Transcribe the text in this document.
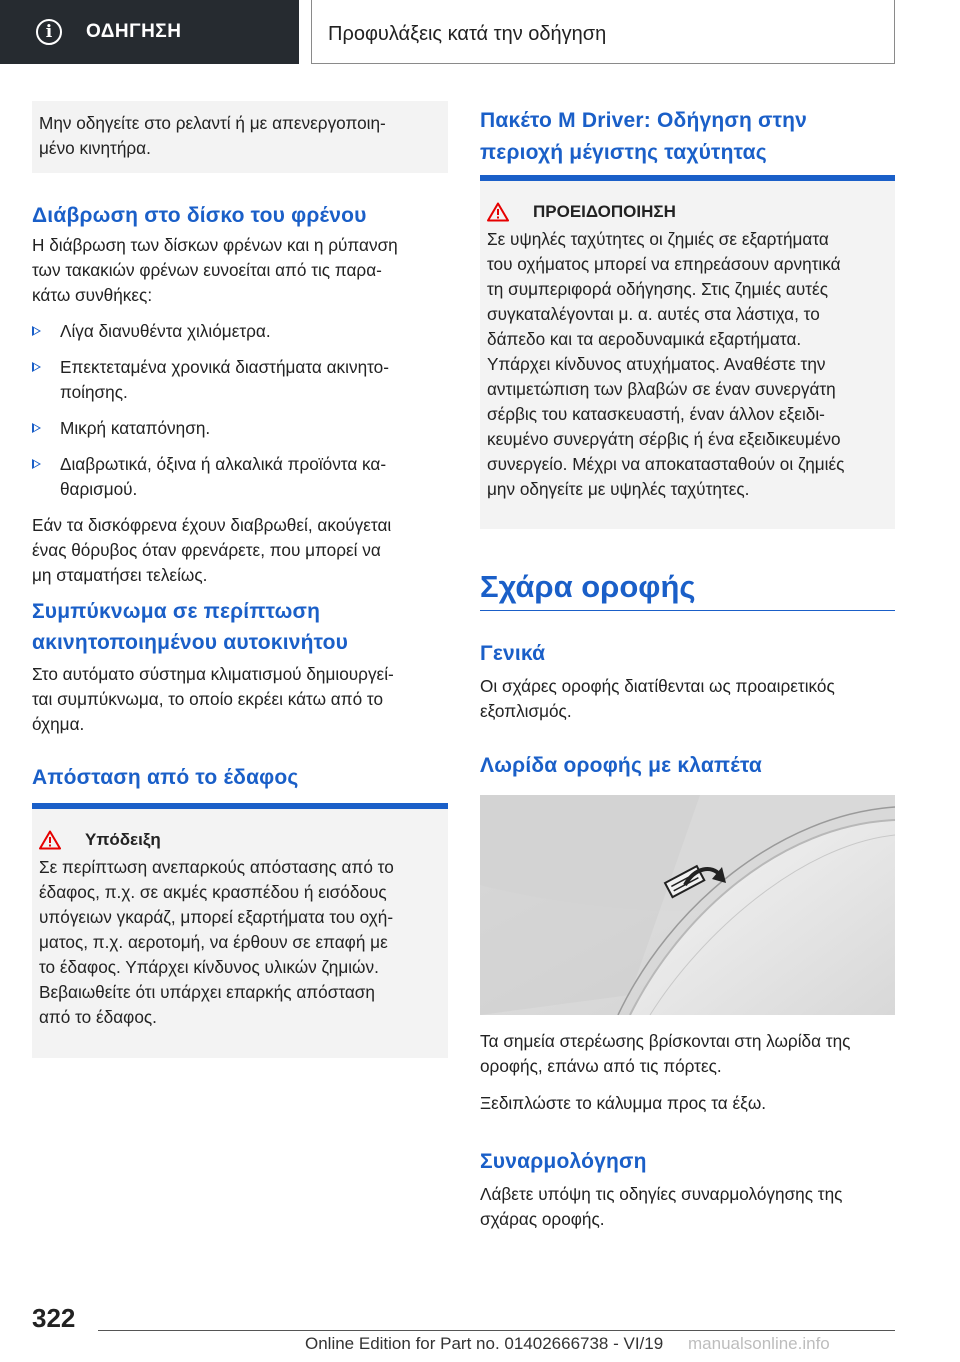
i	ΟΔΗΓΗΣΗ	Προφυλάξεις κατά την οδήγηση

Μην οδηγείτε στο ρελαντί ή με απενεργοποιη-

μένο κινητήρα.

Διάβρωση στο δίσκο του φρένου

Η διάβρωση των δίσκων φρένων και η ρύπανση

των τακακιών φρένων ευνοείται από τις παρα-

κάτω συνθήκες:

Λίγα διανυθέντα χιλιόμετρα.
Επεκτεταμένα χρονικά διαστήματα ακινητο-
ποίησης.
Μικρή καταπόνηση.
Διαβρωτικά, όξινα ή αλκαλικά προϊόντα κα-
θαρισμού.

Εάν τα δισκόφρενα έχουν διαβρωθεί, ακούγεται

ένας θόρυβος όταν φρενάρετε, που μπορεί να

μη σταματήσει τελείως.

Συμπύκνωμα σε περίπτωση
ακινητοποιημένου αυτοκινήτου

Στο αυτόματο σύστημα κλιματισμού δημιουργεί-

ται συμπύκνωμα, το οποίο εκρέει κάτω από το

όχημα.

Απόσταση από το έδαφος
Υπόδειξη

Σε περίπτωση ανεπαρκούς απόστασης από το

έδαφος, π.χ. σε ακμές κρασπέδου ή εισόδους

υπόγειων γκαράζ, μπορεί εξαρτήματα του οχή-

ματος, π.χ. αεροτομή, να έρθουν σε επαφή με

το έδαφος. Υπάρχει κίνδυνος υλικών ζημιών.

Βεβαιωθείτε ότι υπάρχει επαρκής απόσταση

από το έδαφος.

Πακέτο M Driver: Οδήγηση στην
περιοχή μέγιστης ταχύτητας
ΠΡΟΕΙΔΟΠΟΙΗΣΗ

Σε υψηλές ταχύτητες οι ζημιές σε εξαρτήματα

του οχήματος μπορεί να επηρεάσουν αρνητικά

τη συμπεριφορά οδήγησης. Στις ζημιές αυτές

συγκαταλέγονται μ. α. αυτές στα λάστιχα, το

δάπεδο και τα αεροδυναμικά εξαρτήματα.

Υπάρχει κίνδυνος ατυχήματος. Αναθέστε την

αντιμετώπιση των βλαβών σε έναν συνεργάτη

σέρβις του κατασκευαστή, έναν άλλον εξειδι-

κευμένο συνεργάτη σέρβις ή ένα εξειδικευμένο

συνεργείο. Μέχρι να αποκατασταθούν οι ζημιές

μην οδηγείτε με υψηλές ταχύτητες.

Σχάρα οροφής
Γενικά

Οι σχάρες οροφής διατίθενται ως προαιρετικός

εξοπλισμός.

Λωρίδα οροφής με κλαπέτα

Τα σημεία στερέωσης βρίσκονται στη λωρίδα της

οροφής, επάνω από τις πόρτες.

Ξεδιπλώστε το κάλυμμα προς τα έξω.

Συναρμολόγηση

Λάβετε υπόψη τις οδηγίες συναρμολόγησης της

σχάρας οροφής.

322
Online Edition for Part no. 01402666738 - VI/19 manualsonline.info
